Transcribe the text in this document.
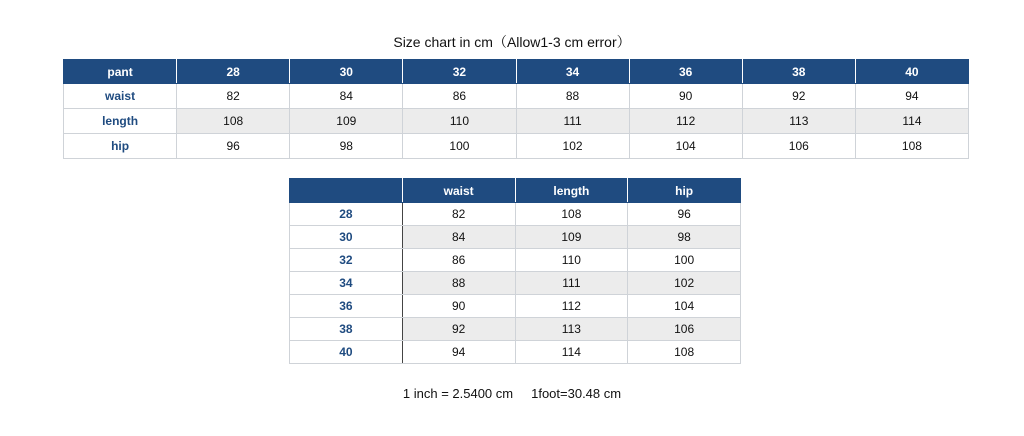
Size chart in cm（Allow1-3 cm error）
pant	28	30	32	34	36	38	40
waist	82	84	86	88	90	92	94
length	108	109	110	111	112	113	114
hip	96	98	100	102	104	106	108
	waist	length	hip
28	82	108	96
30	84	109	98
32	86	110	100
34	88	111	102
36	90	112	104
38	92	113	106
40	94	114	108
1 inch = 2.5400 cm 1foot=30.48 cm
